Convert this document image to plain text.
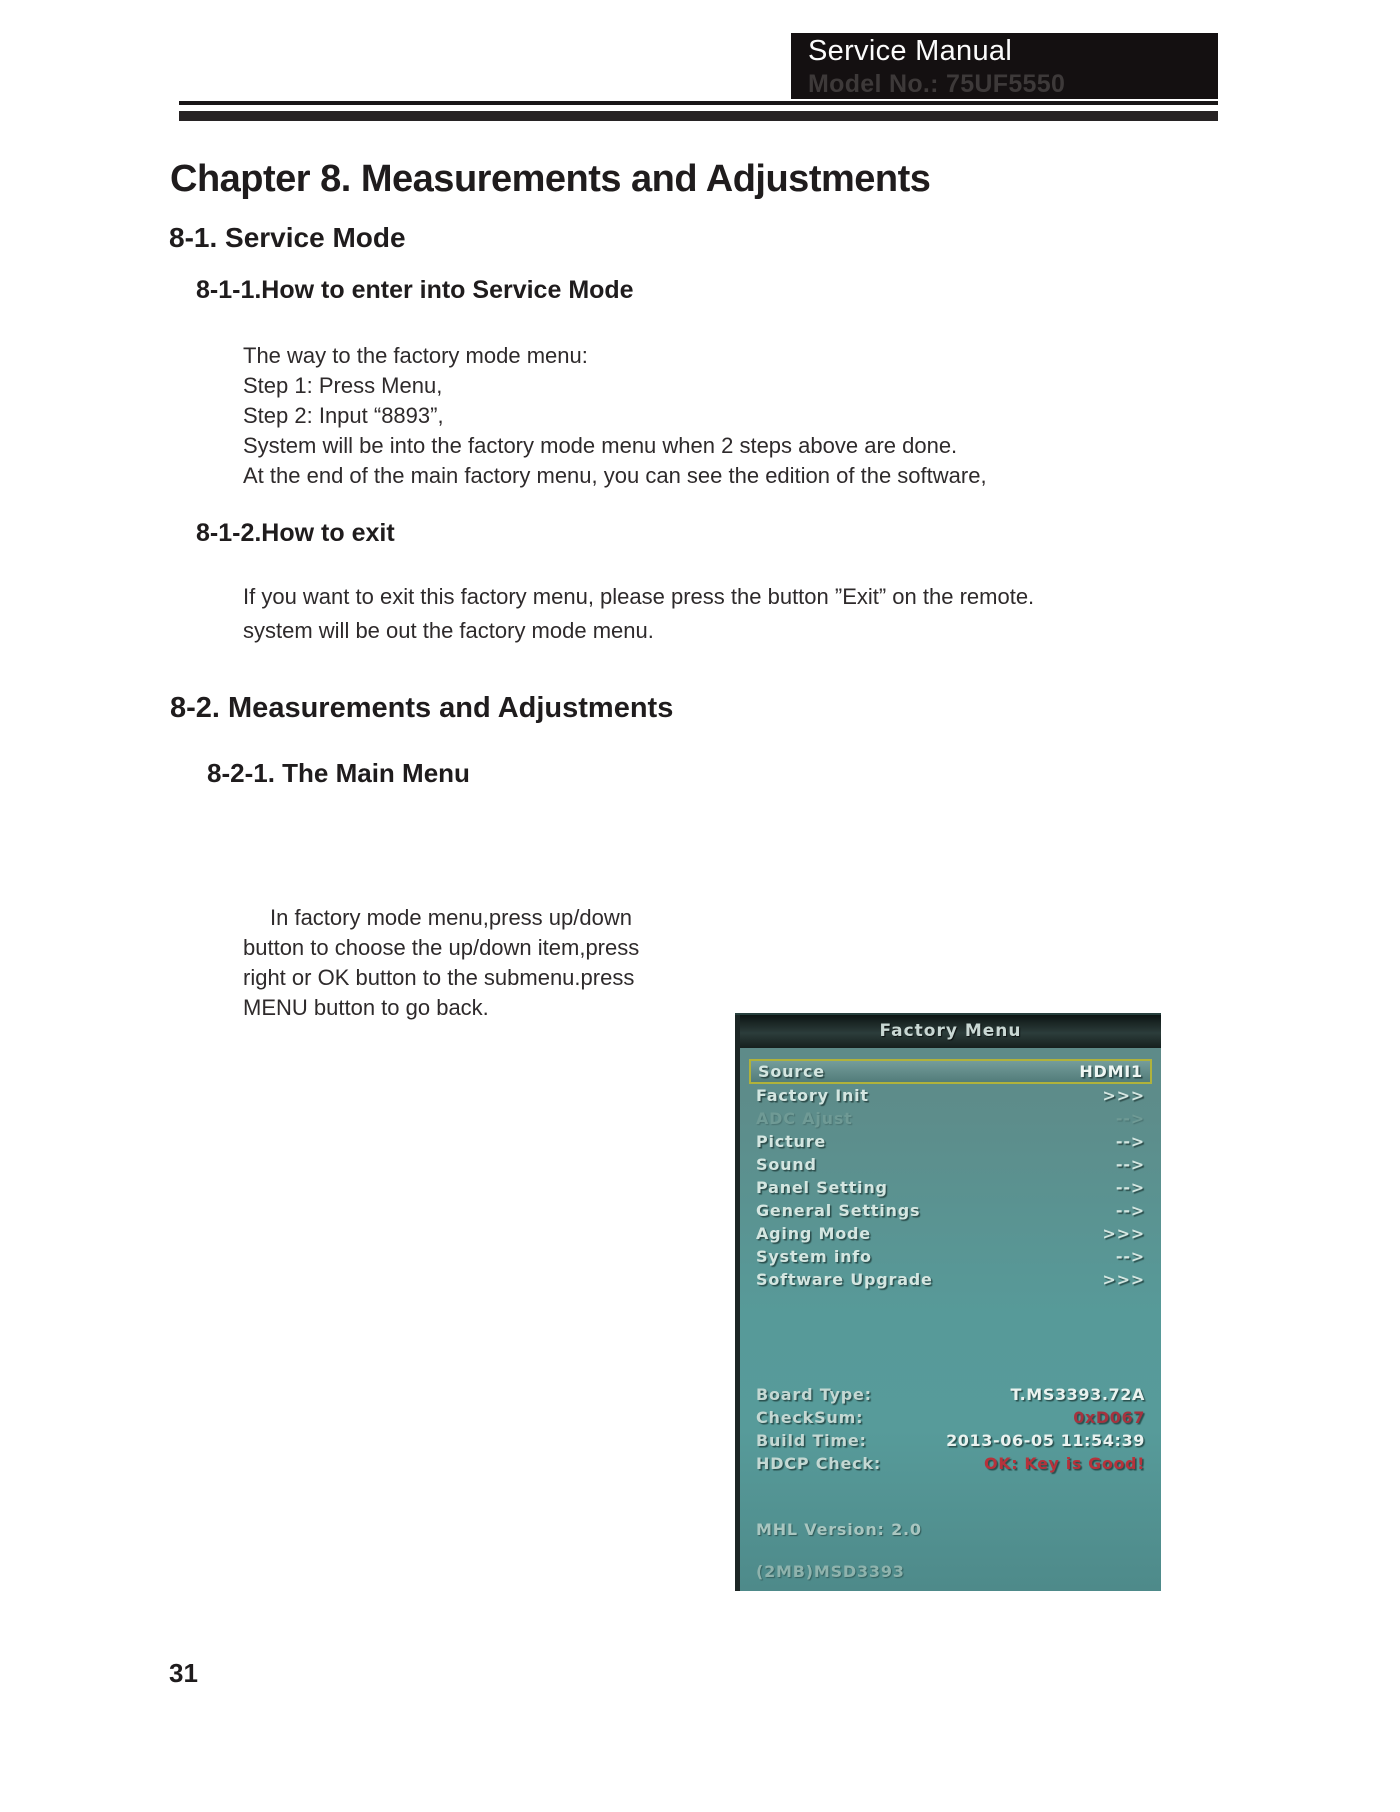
Service Manual
Model No.: 75UF5550
Chapter 8. Measurements and Adjustments
8-1. Service Mode
8-1-1.How to enter into Service Mode
The way to the factory mode menu:
Step 1: Press Menu,
Step 2: Input “8893”,
System will be into the factory mode menu when 2 steps above are done.
At the end of the main factory menu, you can see the edition of the software,
8-1-2.How to exit
If you want to exit this factory menu, please press the button ”Exit” on the remote.
system will be out the factory mode menu.
8-2. Measurements and Adjustments
8-2-1. The Main Menu
In factory mode menu,press up/down
button to choose the up/down item,press
right or OK button to the submenu.press
MENU button to go back.
Factory Menu
Source	HDMI1
Factory Init	>>>
ADC Ajust	-->
Picture	-->
Sound	-->
Panel Setting	-->
General Settings	-->
Aging Mode	>>>
System info	-->
Software Upgrade	>>>
Board Type:	T.MS3393.72A
CheckSum:	0xD067
Build Time:	2013-06-05 11:54:39
HDCP Check:	OK: Key is Good!
MHL Version: 2.0
(2MB)MSD3393
31
